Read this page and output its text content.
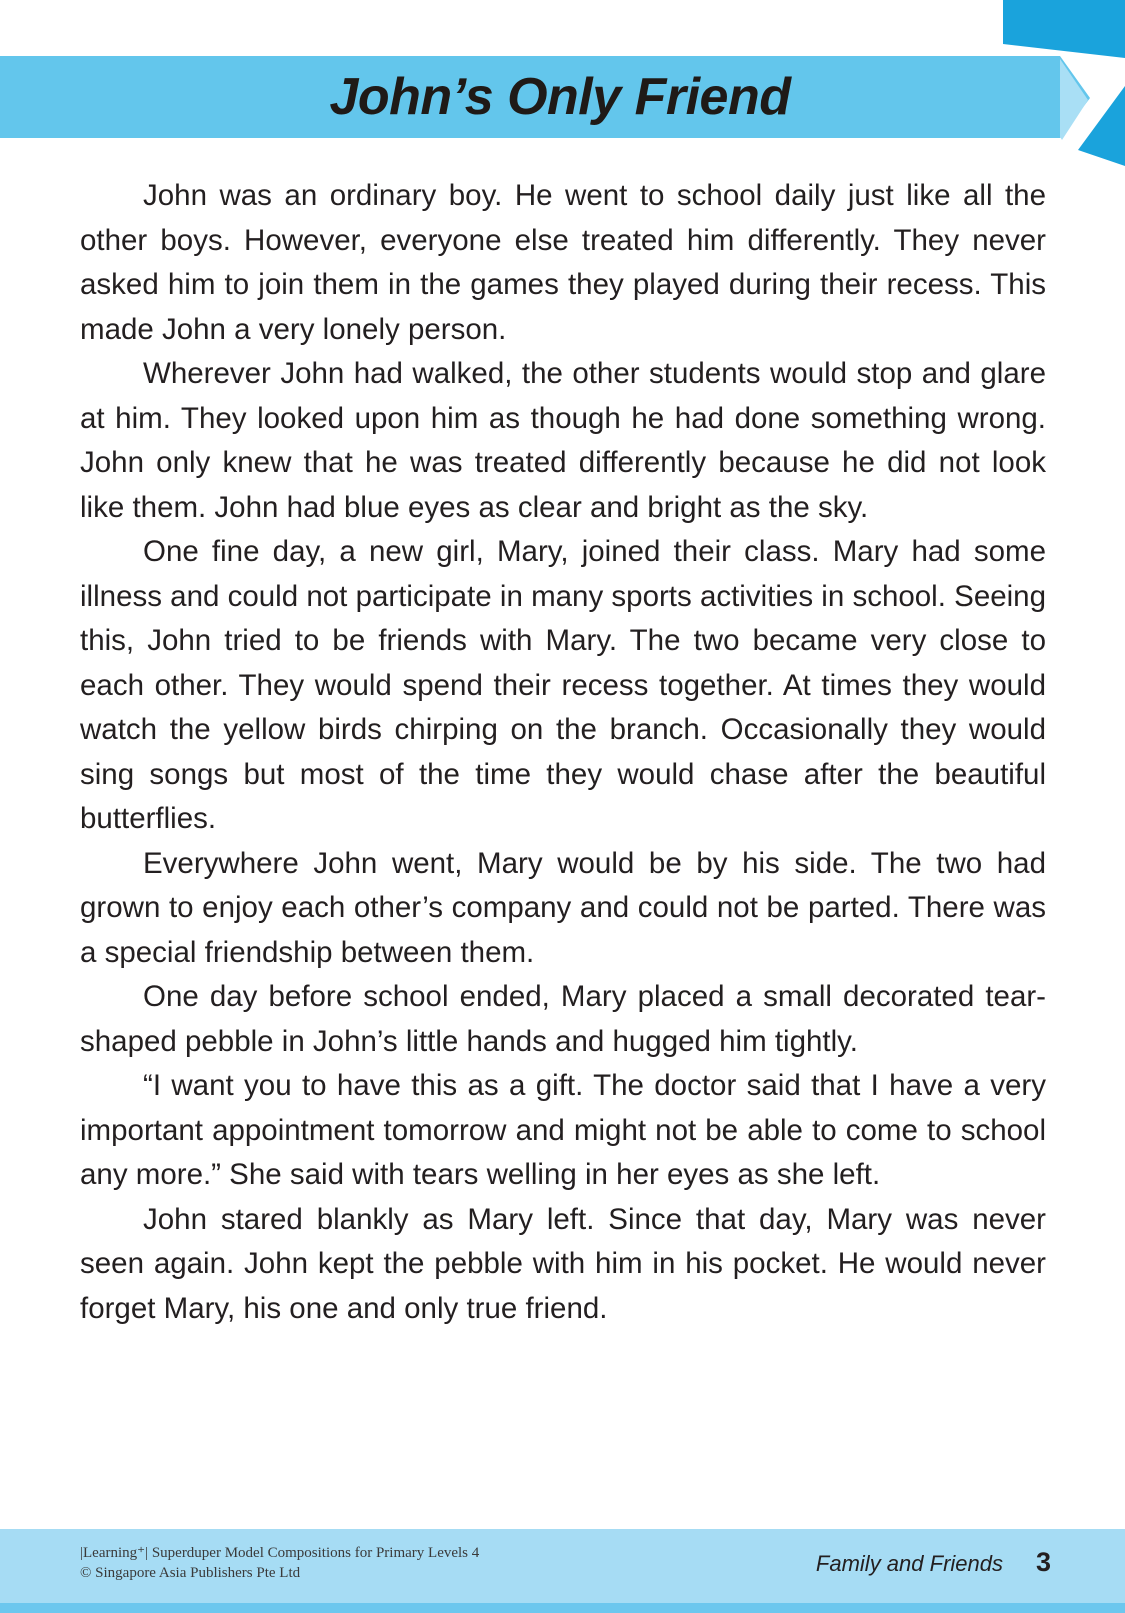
John’s Only Friend

John was an ordinary boy. He went to school daily just like all the other boys. However, everyone else treated him differently. They never asked him to join them in the games they played during their recess. This made John a very lonely person.

Wherever John had walked, the other students would stop and glare at him. They looked upon him as though he had done something wrong. John only knew that he was treated differently because he did not look like them. John had blue eyes as clear and bright as the sky.

One fine day, a new girl, Mary, joined their class. Mary had some illness and could not participate in many sports activities in school. Seeing this, John tried to be friends with Mary. The two became very close to each other. They would spend their recess together. At times they would watch the yellow birds chirping on the branch. Occasionally they would sing songs but most of the time they would chase after the beautiful butterflies.

Everywhere John went, Mary would be by his side. The two had grown to enjoy each other’s company and could not be parted. There was a special friendship between them.

One day before school ended, Mary placed a small decorated tear-shaped pebble in John’s little hands and hugged him tightly.

“I want you to have this as a gift. The doctor said that I have a very important appointment tomorrow and might not be able to come to school any more.” She said with tears welling in her eyes as she left.

John stared blankly as Mary left. Since that day, Mary was never seen again. John kept the pebble with him in his pocket. He would never forget Mary, his one and only true friend.

|Learning⁺| Superduper Model Compositions for Primary Levels 4
© Singapore Asia Publishers Pte Ltd	Family and Friends 3
